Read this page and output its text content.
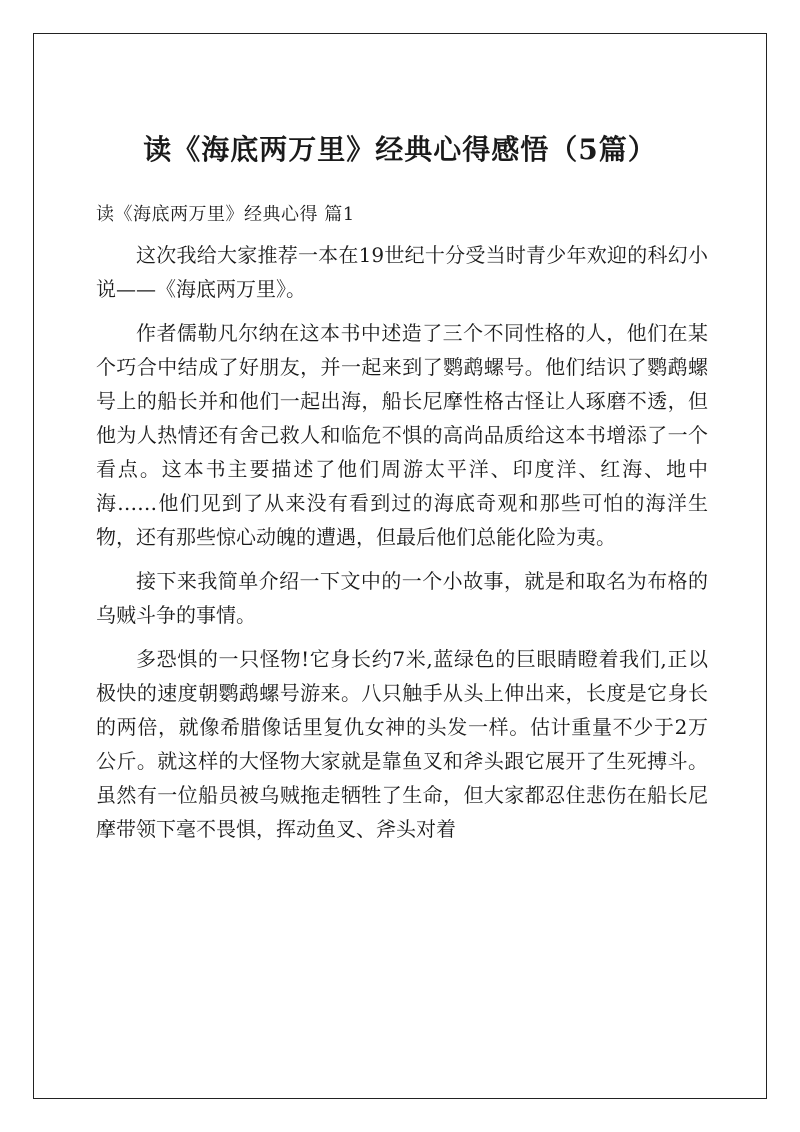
读《海底两万里》经典心得感悟（5篇）
读《海底两万里》经典心得 篇1

这次我给大家推荐一本在19世纪十分受当时青少年欢迎的科幻小说——《海底两万里》。

作者儒勒凡尔纳在这本书中述造了三个不同性格的人，他们在某个巧合中结成了好朋友，并一起来到了鹦鹉螺号。他们结识了鹦鹉螺号上的船长并和他们一起出海，船长尼摩性格古怪让人琢磨不透，但他为人热情还有舍己救人和临危不惧的高尚品质给这本书增添了一个看点。这本书主要描述了他们周游太平洋、印度洋、红海、地中海……他们见到了从来没有看到过的海底奇观和那些可怕的海洋生物，还有那些惊心动魄的遭遇，但最后他们总能化险为夷。

接下来我简单介绍一下文中的一个小故事，就是和取名为布格的乌贼斗争的事情。

多恐惧的一只怪物!它身长约7米,蓝绿色的巨眼睛瞪着我们,正以极快的速度朝鹦鹉螺号游来。八只触手从头上伸出来，长度是它身长的两倍，就像希腊像话里复仇女神的头发一样。估计重量不少于2万公斤。就这样的大怪物大家就是靠鱼叉和斧头跟它展开了生死搏斗。虽然有一位船员被乌贼拖走牺牲了生命，但大家都忍住悲伤在船长尼摩带领下毫不畏惧，挥动鱼叉、斧头对着
